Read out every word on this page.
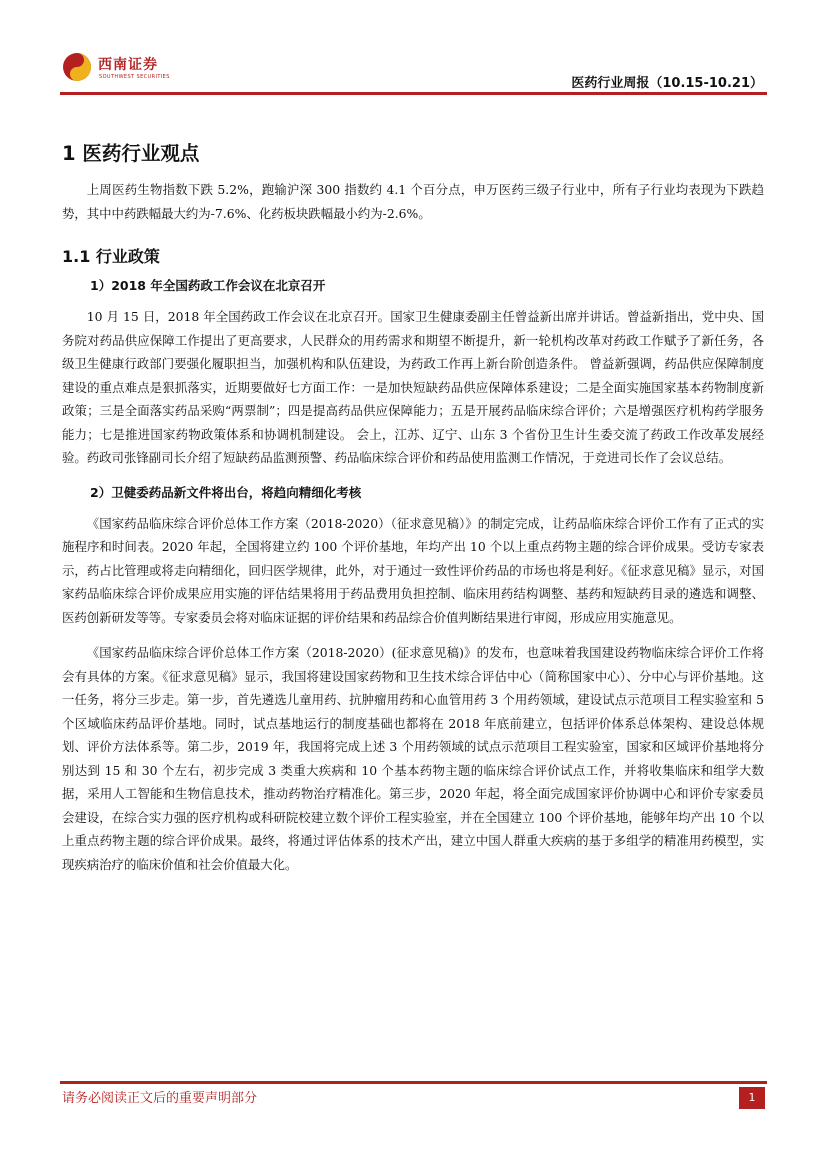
西南证券
SOUTHWEST SECURITIES	医药行业周报（10.15-10.21）
1 医药行业观点

上周医药生物指数下跌 5.2%，跑输沪深 300 指数约 4.1 个百分点，申万医药三级子行业中，所有子行业均表现为下跌趋势，其中中药跌幅最大约为-7.6%、化药板块跌幅最小约为-2.6%。

1.1 行业政策
1）2018 年全国药政工作会议在北京召开

10 月 15 日，2018 年全国药政工作会议在北京召开。国家卫生健康委副主任曾益新出席并讲话。曾益新指出，党中央、国务院对药品供应保障工作提出了更高要求，人民群众的用药需求和期望不断提升，新一轮机构改革对药政工作赋予了新任务，各级卫生健康行政部门要强化履职担当，加强机构和队伍建设，为药政工作再上新台阶创造条件。 曾益新强调，药品供应保障制度建设的重点难点是狠抓落实，近期要做好七方面工作：一是加快短缺药品供应保障体系建设；二是全面实施国家基本药物制度新政策；三是全面落实药品采购“两票制”；四是提高药品供应保障能力；五是开展药品临床综合评价；六是增强医疗机构药学服务能力；七是推进国家药物政策体系和协调机制建设。 会上，江苏、辽宁、山东 3 个省份卫生计生委交流了药政工作改革发展经验。药政司张锋副司长介绍了短缺药品监测预警、药品临床综合评价和药品使用监测工作情况，于竞进司长作了会议总结。

2）卫健委药品新文件将出台，将趋向精细化考核

《国家药品临床综合评价总体工作方案（2018-2020）（征求意见稿）》的制定完成，让药品临床综合评价工作有了正式的实施程序和时间表。2020 年起，全国将建立约 100 个评价基地，年均产出 10 个以上重点药物主题的综合评价成果。受访专家表示，药占比管理或将走向精细化，回归医学规律，此外，对于通过一致性评价药品的市场也将是利好。《征求意见稿》显示，对国家药品临床综合评价成果应用实施的评估结果将用于药品费用负担控制、临床用药结构调整、基药和短缺药目录的遴选和调整、医药创新研发等等。专家委员会将对临床证据的评价结果和药品综合价值判断结果进行审阅，形成应用实施意见。

《国家药品临床综合评价总体工作方案（2018-2020）(征求意见稿)》的发布，也意味着我国建设药物临床综合评价工作将会有具体的方案。《征求意见稿》显示，我国将建设国家药物和卫生技术综合评估中心（简称国家中心）、分中心与评价基地。这一任务，将分三步走。第一步，首先遴选儿童用药、抗肿瘤用药和心血管用药 3 个用药领域，建设试点示范项目工程实验室和 5 个区域临床药品评价基地。同时，试点基地运行的制度基础也都将在 2018 年底前建立，包括评价体系总体架构、建设总体规划、评价方法体系等。第二步，2019 年，我国将完成上述 3 个用药领域的试点示范项目工程实验室，国家和区域评价基地将分别达到 15 和 30 个左右，初步完成 3 类重大疾病和 10 个基本药物主题的临床综合评价试点工作，并将收集临床和组学大数据，采用人工智能和生物信息技术，推动药物治疗精准化。第三步，2020 年起，将全面完成国家评价协调中心和评价专家委员会建设，在综合实力强的医疗机构或科研院校建立数个评价工程实验室，并在全国建立 100 个评价基地，能够年均产出 10 个以上重点药物主题的综合评价成果。最终，将通过评估体系的技术产出，建立中国人群重大疾病的基于多组学的精准用药模型，实现疾病治疗的临床价值和社会价值最大化。

请务必阅读正文后的重要声明部分	1
